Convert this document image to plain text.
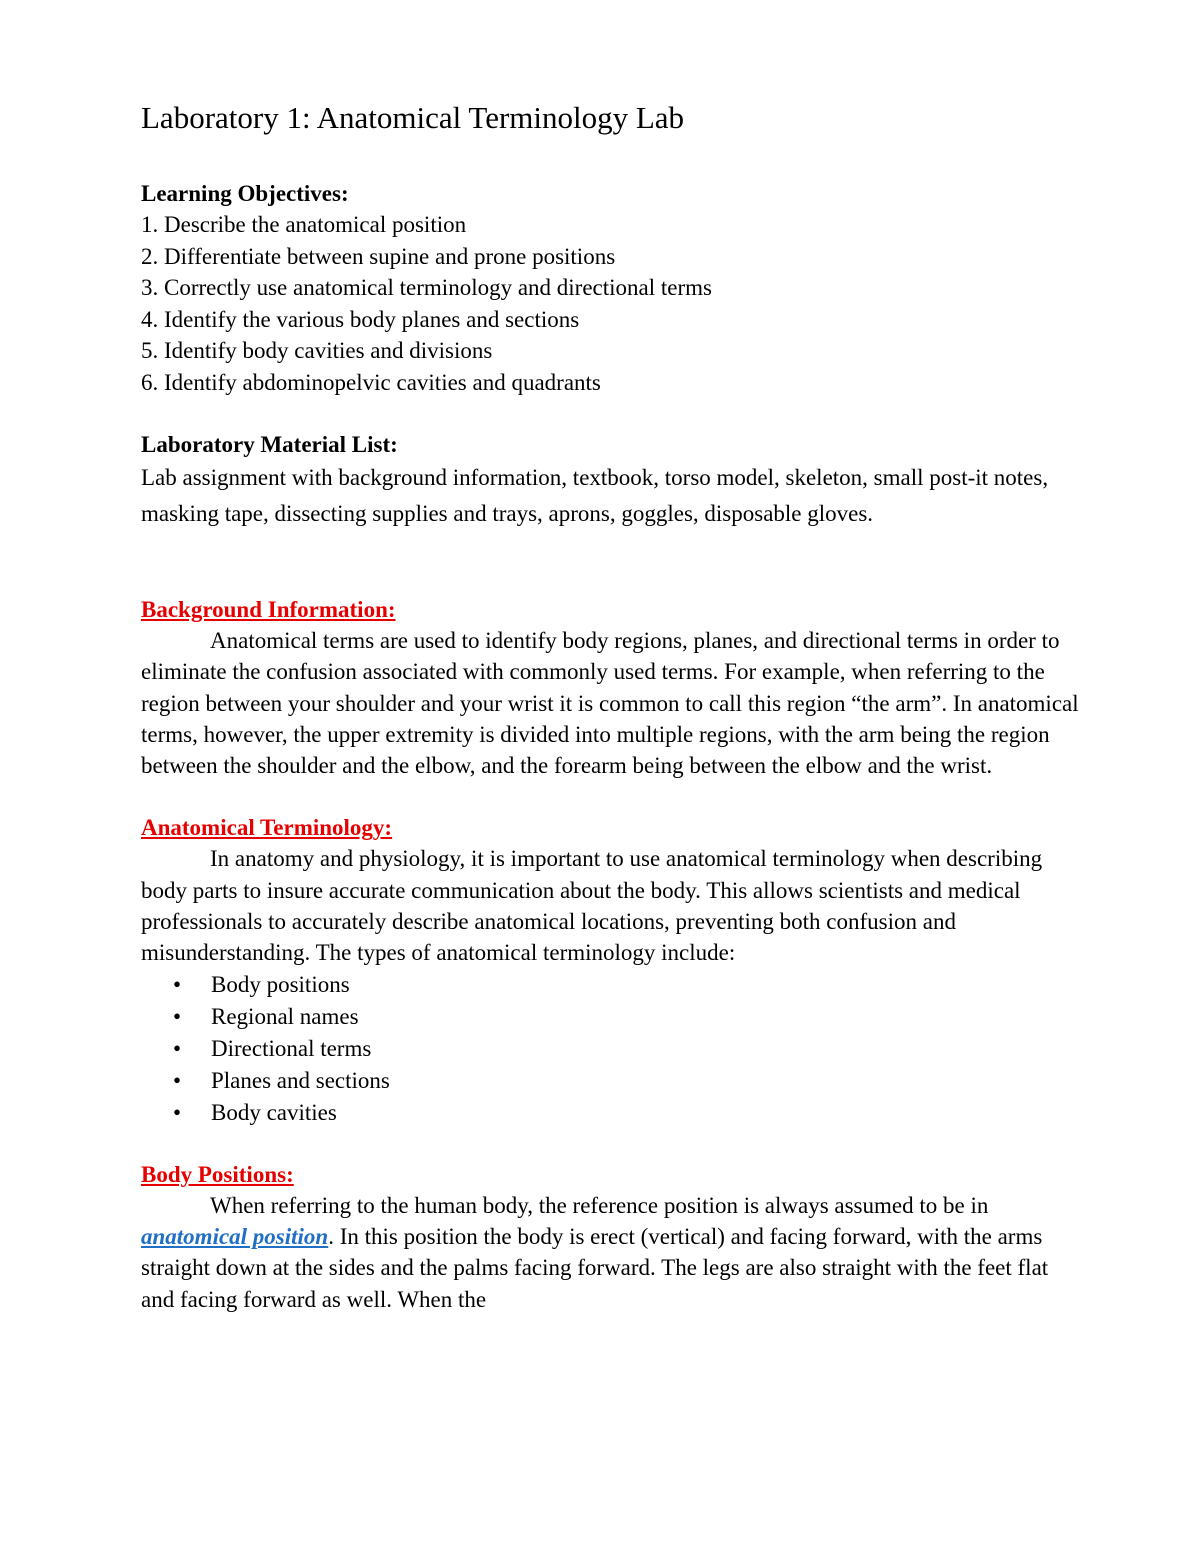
Laboratory 1: Anatomical Terminology Lab

Learning Objectives:

1. Describe the anatomical position
2. Differentiate between supine and prone positions
3. Correctly use anatomical terminology and directional terms
4. Identify the various body planes and sections
5. Identify body cavities and divisions
6. Identify abdominopelvic cavities and quadrants

Laboratory Material List:

Lab assignment with background information, textbook, torso model, skeleton, small post-it notes, masking tape, dissecting supplies and trays, aprons, goggles, disposable gloves.

Background Information:

Anatomical terms are used to identify body regions, planes, and directional terms in order to eliminate the confusion associated with commonly used terms. For example, when referring to the region between your shoulder and your wrist it is common to call this region “the arm”. In anatomical terms, however, the upper extremity is divided into multiple regions, with the arm being the region between the shoulder and the elbow, and the forearm being between the elbow and the wrist.

Anatomical Terminology:

In anatomy and physiology, it is important to use anatomical terminology when describing body parts to insure accurate communication about the body. This allows scientists and medical professionals to accurately describe anatomical locations, preventing both confusion and misunderstanding. The types of anatomical terminology include:

• Body positions
• Regional names
• Directional terms
• Planes and sections
• Body cavities

Body Positions:

When referring to the human body, the reference position is always assumed to be in anatomical position. In this position the body is erect (vertical) and facing forward, with the arms straight down at the sides and the palms facing forward. The legs are also straight with the feet flat and facing forward as well. When the
